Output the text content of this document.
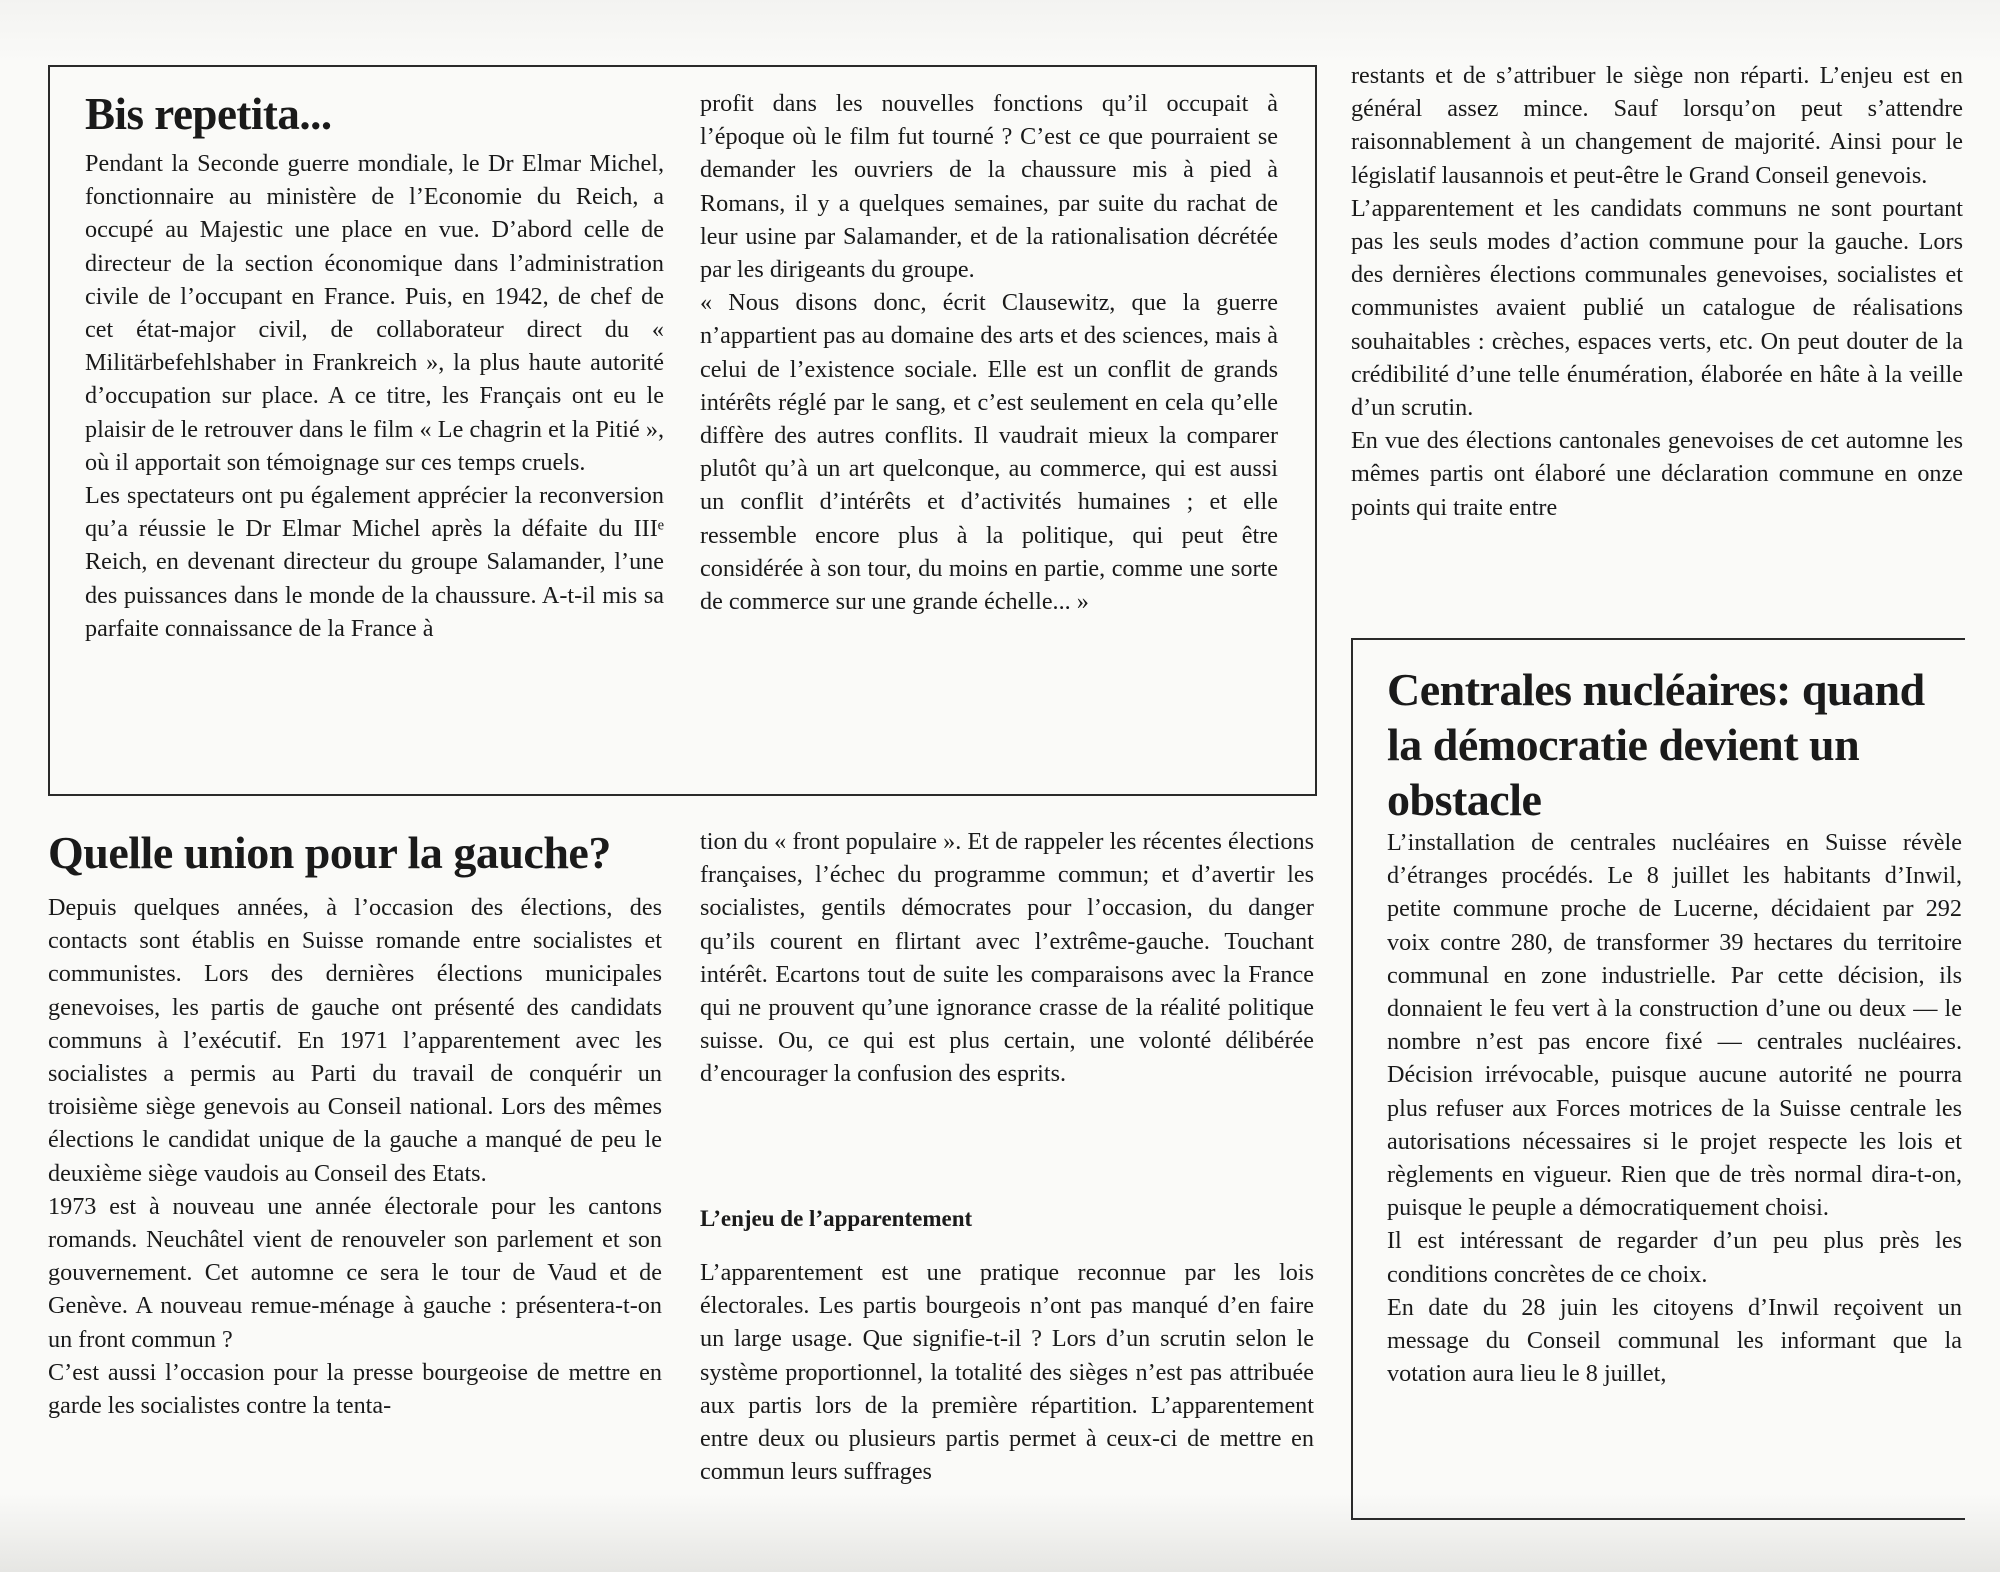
Bis repetita...

Pendant la Seconde guerre mondiale, le Dr Elmar Michel, fonctionnaire au ministère de l’Economie du Reich, a occupé au Majestic une place en vue. D’abord celle de directeur de la section économique dans l’administration civile de l’occupant en France. Puis, en 1942, de chef de cet état-major civil, de collaborateur direct du « Militärbefehlshaber in Frankreich », la plus haute autorité d’occupation sur place. A ce titre, les Français ont eu le plaisir de le retrouver dans le film « Le chagrin et la Pitié », où il apportait son témoignage sur ces temps cruels.

Les spectateurs ont pu également apprécier la reconversion qu’a réussie le Dr Elmar Michel après la défaite du IIIᵉ Reich, en devenant directeur du groupe Salamander, l’une des puissances dans le monde de la chaussure. A-t-il mis sa parfaite connaissance de la France à

profit dans les nouvelles fonctions qu’il occupait à l’époque où le film fut tourné ? C’est ce que pourraient se demander les ouvriers de la chaussure mis à pied à Romans, il y a quelques semaines, par suite du rachat de leur usine par Salamander, et de la rationalisation décrétée par les dirigeants du groupe.

« Nous disons donc, écrit Clausewitz, que la guerre n’appartient pas au domaine des arts et des sciences, mais à celui de l’existence sociale. Elle est un conflit de grands intérêts réglé par le sang, et c’est seulement en cela qu’elle diffère des autres conflits. Il vaudrait mieux la comparer plutôt qu’à un art quelconque, au commerce, qui est aussi un conflit d’intérêts et d’activités humaines ; et elle ressemble encore plus à la politique, qui peut être considérée à son tour, du moins en partie, comme une sorte de commerce sur une grande échelle... »

Quelle union pour la gauche?

Depuis quelques années, à l’occasion des élections, des contacts sont établis en Suisse romande entre socialistes et communistes. Lors des dernières élections municipales genevoises, les partis de gauche ont présenté des candidats communs à l’exécutif. En 1971 l’apparentement avec les socialistes a permis au Parti du travail de conquérir un troisième siège genevois au Conseil national. Lors des mêmes élections le candidat unique de la gauche a manqué de peu le deuxième siège vaudois au Conseil des Etats.

1973 est à nouveau une année électorale pour les cantons romands. Neuchâtel vient de renouveler son parlement et son gouvernement. Cet automne ce sera le tour de Vaud et de Genève. A nouveau remue-ménage à gauche : présentera-t-on un front commun ?

C’est aussi l’occasion pour la presse bourgeoise de mettre en garde les socialistes contre la tenta-

tion du « front populaire ». Et de rappeler les récentes élections françaises, l’échec du programme commun; et d’avertir les socialistes, gentils démocrates pour l’occasion, du danger qu’ils courent en flirtant avec l’extrême-gauche. Touchant intérêt. Ecartons tout de suite les comparaisons avec la France qui ne prouvent qu’une ignorance crasse de la réalité politique suisse. Ou, ce qui est plus certain, une volonté délibérée d’encourager la confusion des esprits.

L’enjeu de l’apparentement

L’apparentement est une pratique reconnue par les lois électorales. Les partis bourgeois n’ont pas manqué d’en faire un large usage. Que signifie-t-il ? Lors d’un scrutin selon le système proportionnel, la totalité des sièges n’est pas attribuée aux partis lors de la première répartition. L’apparentement entre deux ou plusieurs partis permet à ceux-ci de mettre en commun leurs suffrages

restants et de s’attribuer le siège non réparti. L’enjeu est en général assez mince. Sauf lorsqu’on peut s’attendre raisonnablement à un changement de majorité. Ainsi pour le législatif lausannois et peut-être le Grand Conseil genevois.

L’apparentement et les candidats communs ne sont pourtant pas les seuls modes d’action commune pour la gauche. Lors des dernières élections communales genevoises, socialistes et communistes avaient publié un catalogue de réalisations souhaitables : crèches, espaces verts, etc. On peut douter de la crédibilité d’une telle énumération, élaborée en hâte à la veille d’un scrutin.

En vue des élections cantonales genevoises de cet automne les mêmes partis ont élaboré une déclaration commune en onze points qui traite entre

Centrales nucléaires: quand la démocratie devient un obstacle

L’installation de centrales nucléaires en Suisse révèle d’étranges procédés. Le 8 juillet les habitants d’Inwil, petite commune proche de Lucerne, décidaient par 292 voix contre 280, de transformer 39 hectares du territoire communal en zone industrielle. Par cette décision, ils donnaient le feu vert à la construction d’une ou deux — le nombre n’est pas encore fixé — centrales nucléaires. Décision irrévocable, puisque aucune autorité ne pourra plus refuser aux Forces motrices de la Suisse centrale les autorisations nécessaires si le projet respecte les lois et règlements en vigueur. Rien que de très normal dira-t-on, puisque le peuple a démocratiquement choisi.

Il est intéressant de regarder d’un peu plus près les conditions concrètes de ce choix.

En date du 28 juin les citoyens d’Inwil reçoivent un message du Conseil communal les informant que la votation aura lieu le 8 juillet,
